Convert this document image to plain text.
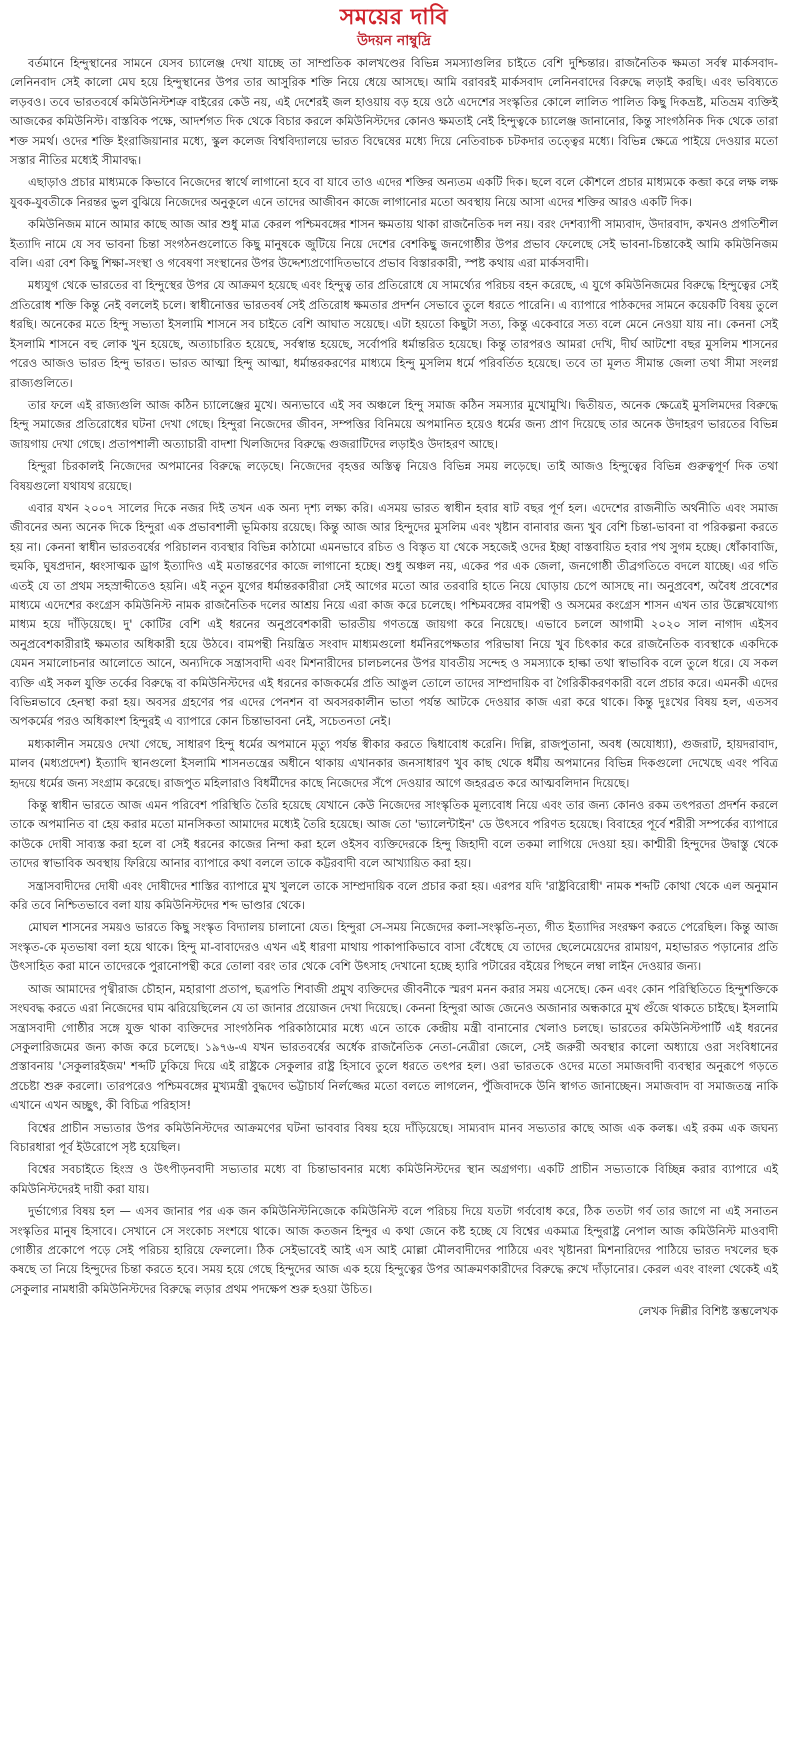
সময়ের দাবি
উদয়ন নাম্বুদ্রি

বর্তমানে হিন্দুস্থানের সামনে যেসব চ্যালেঞ্জ দেখা যাচ্ছে তা সাম্প্রতিক কালখণ্ডের বিভিন্ন সমস্যাগুলির চাইতে বেশি দুশ্চিন্তার। রাজনৈতিক ক্ষমতা সর্বস্ব মার্কসবাদ-লেনিনবাদ সেই কালো মেঘ হয়ে হিন্দুস্থানের উপর তার আসুরিক শক্তি নিয়ে ধেয়ে আসছে। আমি বরাবরই মার্কসবাদ লেনিনবাদের বিরুদ্ধে লড়াই করছি। এবং ভবিষ্যতে লড়বও। তবে ভারতবর্ষে কমিউনিস্টশত্রু বাইরের কেউ নয়, এই দেশেরই জল হাওয়ায় বড় হয়ে ওঠে এদেশের সংস্কৃতির কোলে লালিত পালিত কিছু দিকভ্রষ্ট, মতিভ্রম ব্যক্তিই আজকের কমিউনিস্ট। বাস্তবিক পক্ষে, আদর্শগত দিক থেকে বিচার করলে কমিউনিস্টদের কোনও ক্ষমতাই নেই হিন্দুত্বকে চ্যালেঞ্জ জানানোর, কিন্তু সাংগঠনিক দিক থেকে তারা শক্ত সমর্থ। ওদের শক্তি ইংরাজিয়ানার মধ্যে, স্কুল কলেজ বিশ্ববিদ্যালয়ে ভারত বিদ্বেষের মধ্যে দিয়ে নেতিবাচক চটকদার তত্ত্বের মধ্যে। বিভিন্ন ক্ষেত্রে পাইয়ে দেওয়ার মতো সস্তার নীতির মধ্যেই সীমাবদ্ধ।

এছাড়াও প্রচার মাধ্যমকে কিভাবে নিজেদের স্বার্থে লাগানো হবে বা যাবে তাও এদের শক্তির অন্যতম একটি দিক। ছলে বলে কৌশলে প্রচার মাধ্যমকে কব্জা করে লক্ষ লক্ষ যুবক-যুবতীকে নিরন্তর ভুল বুঝিয়ে নিজেদের অনুকূলে এনে তাদের আজীবন কাজে লাগানোর মতো অবস্থায় নিয়ে আসা এদের শক্তির আরও একটি দিক।

কমিউনিজম মানে আমার কাছে আজ আর শুধু মাত্র কেরল পশ্চিমবঙ্গের শাসন ক্ষমতায় থাকা রাজনৈতিক দল নয়। বরং দেশব্যাপী সাম্যবাদ, উদারবাদ, কখনও প্রগতিশীল ইত্যাদি নামে যে সব ভাবনা চিন্তা সংগঠনগুলোতে কিছু মানুষকে জুটিয়ে নিয়ে দেশের বেশকিছু জনগোষ্ঠীর উপর প্রভাব ফেলেছে সেই ভাবনা-চিন্তাকেই আমি কমিউনিজম বলি। এরা বেশ কিছু শিক্ষা-সংস্থা ও গবেষণা সংস্থানের উপর উদ্দেশ্যপ্রণোদিতভাবে প্রভাব বিস্তারকারী, স্পষ্ট কথায় এরা মার্কসবাদী।

মধ্যযুগ থেকে ভারতের বা হিন্দুস্থের উপর যে আক্রমণ হয়েছে এবং হিন্দুত্ব তার প্রতিরোধে যে সামর্থ্যের পরিচয় বহন করেছে, এ যুগে কমিউনিজমের বিরুদ্ধে হিন্দুত্বের সেই প্রতিরোধ শক্তি কিন্তু নেই বললেই চলে। স্বাধীনোত্তর ভারতবর্ষ সেই প্রতিরোধ ক্ষমতার প্রদর্শন সেভাবে তুলে ধরতে পারেনি। এ ব্যাপারে পাঠকদের সামনে কয়েকটি বিষয় তুলে ধরছি। অনেকের মতে হিন্দু সভ্যতা ইসলামি শাসনে সব চাইতে বেশি আঘাত সয়েছে। এটা হয়তো কিছুটা সত্য, কিন্তু একেবারে সত্য বলে মেনে নেওয়া যায় না। কেননা সেই ইসলামি শাসনে বহু লোক খুন হয়েছে, অত্যাচারিত হয়েছে, সর্বস্বান্ত হয়েছে, সর্বোপরি ধর্মান্তরিত হয়েছে। কিন্তু তারপরও আমরা দেখি, দীর্ঘ আটশো বছর মুসলিম শাসনের পরেও আজও ভারত হিন্দু ভারত। ভারত আত্মা হিন্দু আত্মা, ধর্মান্তরকরণের মাধ্যমে হিন্দু মুসলিম ধর্মে পরিবর্তিত হয়েছে। তবে তা মূলত সীমান্ত জেলা তথা সীমা সংলগ্ন রাজ্যগুলিতে।

তার ফলে এই রাজ্যগুলি আজ কঠিন চ্যালেঞ্জের মুখে। অন্যভাবে এই সব অঞ্চলে হিন্দু সমাজ কঠিন সমস্যার মুখোমুখি। দ্বিতীয়ত, অনেক ক্ষেত্রেই মুসলিমদের বিরুদ্ধে হিন্দু সমাজের প্রতিরোধের ঘটনা দেখা গেছে। হিন্দুরা নিজেদের জীবন, সম্পত্তির বিনিময়ে অপমানিত হয়েও ধর্মের জন্য প্রাণ দিয়েছে তার অনেক উদাহরণ ভারতের বিভিন্ন জায়গায় দেখা গেছে। প্রতাপশালী অত্যাচারী বাদশা খিলজিদের বিরুদ্ধে গুজরাটিদের লড়াইও উদাহরণ আছে।

হিন্দুরা চিরকালই নিজেদের অপমানের বিরুদ্ধে লড়েছে। নিজেদের বৃহত্তর অস্তিত্ব নিয়েও বিভিন্ন সময় লড়েছে। তাই আজও হিন্দুত্বের বিভিন্ন গুরুত্বপূর্ণ দিক তথা বিষয়গুলো যথাযথ রয়েছে।

এবার যখন ২০০৭ সালের দিকে নজর দিই তখন এক অন্য দৃশ্য লক্ষ্য করি। এসময় ভারত স্বাধীন হবার ষাট বছর পূর্ণ হল। এদেশের রাজনীতি অর্থনীতি এবং সমাজ জীবনের অন্য অনেক দিকে হিন্দুরা এক প্রভাবশালী ভূমিকায় রয়েছে। কিন্তু আজ আর হিন্দুদের মুসলিম এবং খৃষ্টান বানাবার জন্য খুব বেশি চিন্তা-ভাবনা বা পরিকল্পনা করতে হয় না। কেননা স্বাধীন ভারতবর্ষের পরিচালন ব্যবস্থার বিভিন্ন কাঠামো এমনভাবে রচিত ও বিস্তৃত যা থেকে সহজেই ওদের ইচ্ছা বাস্তবায়িত হবার পথ সুগম হচ্ছে। ধোঁকাবাজি, হুমকি, ঘুষপ্রদান, ধ্বংসাত্মক ড্রাগ ইত্যাদিও এই মতান্তরণের কাজে লাগানো হচ্ছে। শুধু অঞ্চল নয়, একের পর এক জেলা, জনগোষ্ঠী তীব্রগতিতে বদলে যাচ্ছে। এর গতি এতই যে তা প্রথম সহস্রাব্দীতেও হয়নি। এই নতুন যুগের ধর্মান্তরকারীরা সেই আগের মতো আর তরবারি হাতে নিয়ে ঘোড়ায় চেপে আসছে না। অনুপ্রবেশ, অবৈধ প্রবেশের মাধ্যমে এদেশের কংগ্রেস কমিউনিস্ট নামক রাজনৈতিক দলের আশ্রয় নিয়ে এরা কাজ করে চলেছে। পশ্চিমবঙ্গের বামপন্থী ও অসমের কংগ্রেস শাসন এখন তার উল্লেখযোগ্য মাধ্যম হয়ে দাঁড়িয়েছে। দু' কোটির বেশি এই ধরনের অনুপ্রবেশকারী ভারতীয় গণতন্ত্রে জায়গা করে নিয়েছে। এভাবে চললে আগামী ২০২০ সাল নাগাদ এইসব অনুপ্রবেশকারীরাই ক্ষমতার অধিকারী হয়ে উঠবে। বামপন্থী নিয়ন্ত্রিত সংবাদ মাধ্যমগুলো ধর্মনিরপেক্ষতার পরিভাষা নিয়ে খুব চিৎকার করে রাজনৈতিক ব্যবস্থাকে একদিকে যেমন সমালোচনার আলোতে আনে, অন্যদিকে সন্ত্রাসবাদী এবং মিশনারীদের চালচলনের উপর যাবতীয় সন্দেহ ও সমস্যাকে হাল্কা তথা স্বাভাবিক বলে তুলে ধরে। যে সকল ব্যক্তি এই সকল যুক্তি তর্কের বিরুদ্ধে বা কমিউনিস্টদের এই ধরনের কাজকর্মের প্রতি আঙুল তোলে তাদের সাম্প্রদায়িক বা গৈরিকীকরণকারী বলে প্রচার করে। এমনকী এদের বিভিন্নভাবে হেনস্থা করা হয়। অবসর গ্রহণের পর এদের পেনশন বা অবসরকালীন ভাতা পর্যন্ত আটকে দেওয়ার কাজ এরা করে থাকে। কিন্তু দুঃখের বিষয় হল, এতসব অপকর্মের পরও অধিকাংশ হিন্দুরই এ ব্যাপারে কোন চিন্তাভাবনা নেই, সচেতনতা নেই।

মধ্যকালীন সময়েও দেখা গেছে, সাধারণ হিন্দু ধর্মের অপমানে মৃত্যু পর্যন্ত স্বীকার করতে দ্বিধাবোধ করেনি। দিল্লি, রাজপুতানা, অবধ (অযোধ্যা), গুজরাট, হায়দরাবাদ, মালব (মধ্যপ্রদেশ) ইত্যাদি স্থানগুলো ইসলামি শাসনতন্ত্রের অধীনে থাকায় এখানকার জনসাধারণ খুব কাছ থেকে ধর্মীয় অপমানের বিভিন্ন দিকগুলো দেখেছে এবং পবিত্র হৃদয়ে ধর্মের জন্য সংগ্রাম করেছে। রাজপুত মহিলারাও বিধর্মীদের কাছে নিজেদের সঁপে দেওয়ার আগে জহরব্রত করে আত্মবলিদান দিয়েছে।

কিন্তু স্বাধীন ভারতে আজ এমন পরিবেশ পরিস্থিতি তৈরি হয়েছে যেখানে কেউ নিজেদের সাংস্কৃতিক মূল্যবোধ নিয়ে এবং তার জন্য কোনও রকম তৎপরতা প্রদর্শন করলে তাকে অপমানিত বা হেয় করার মতো মানসিকতা আমাদের মধ্যেই তৈরি হয়েছে। আজ তো 'ভ্যালেন্টাইন' ডে উৎসবে পরিণত হয়েছে। বিবাহের পূর্বে শরীরী সম্পর্কের ব্যাপারে কাউকে দোষী সাব্যস্ত করা হলে বা সেই ধরনের কাজের নিন্দা করা হলে ওইসব ব্যক্তিদেরকে হিন্দু জিহাদী বলে তকমা লাগিয়ে দেওয়া হয়। কাশ্মীরী হিন্দুদের উদ্বাস্তু থেকে তাদের স্বাভাবিক অবস্থায় ফিরিয়ে আনার ব্যাপারে কথা বললে তাকে কট্টরবাদী বলে আখ্যায়িত করা হয়।

সন্ত্রাসবাদীদের দোষী এবং দোষীদের শাস্তির ব্যাপারে মুখ খুললে তাকে সাম্প্রদায়িক বলে প্রচার করা হয়। এরপর যদি 'রাষ্ট্রবিরোধী' নামক শব্দটি কোথা থেকে এল অনুমান করি তবে নিশ্চিতভাবে বলা যায় কমিউনিস্টদের শব্দ ভাণ্ডার থেকে।

মোঘল শাসনের সময়ও ভারতে কিছু সংস্কৃত বিদ্যালয় চালানো যেত। হিন্দুরা সে-সময় নিজেদের কলা-সংস্কৃতি-নৃত্য, গীত ইত্যাদির সংরক্ষণ করতে পেরেছিল। কিন্তু আজ সংস্কৃত-কে মৃতভাষা বলা হয়ে থাকে। হিন্দু মা-বাবাদেরও এখন এই ধারণা মাথায় পাকাপাকিভাবে বাসা বেঁধেছে যে তাদের ছেলেমেয়েদের রামায়ণ, মহাভারত পড়ানোর প্রতি উৎসাহিত করা মানে তাদেরকে পুরানোপন্থী করে তোলা বরং তার থেকে বেশি উৎসাহ দেখানো হচ্ছে হ্যারি পটারের বইয়ের পিছনে লম্বা লাইন দেওয়ার জন্য।

আজ আমাদের পৃথ্বীরাজ চৌহান, মহারাণা প্রতাপ, ছত্রপতি শিবাজী প্রমুখ ব্যক্তিদের জীবনীকে স্মরণ মনন করার সময় এসেছে। কেন এবং কোন পরিস্থিতিতে হিন্দুশক্তিকে সংঘবদ্ধ করতে এরা নিজেদের ঘাম ঝরিয়েছিলেন যে তা জানার প্রয়োজন দেখা দিয়েছে। কেননা হিন্দুরা আজ জেনেও অজানার অন্ধকারে মুখ গুঁজে থাকতে চাইছে। ইসলামি সন্ত্রাসবাদী গোষ্ঠীর সঙ্গে যুক্ত থাকা ব্যক্তিদের সাংগঠনিক পরিকাঠামোর মধ্যে এনে তাকে কেন্দ্রীয় মন্ত্রী বানানোর খেলাও চলছে। ভারতের কমিউনিস্টপার্টি এই ধরনের সেকুলারিজমের জন্য কাজ করে চলেছে। ১৯৭৬-এ যখন ভারতবর্ষের অর্ধেক রাজনৈতিক নেতা-নেত্রীরা জেলে, সেই জরুরী অবস্থার কালো অধ্যায়ে ওরা সংবিধানের প্রস্তাবনায় 'সেকুলারইজম' শব্দটি ঢুকিয়ে দিয়ে এই রাষ্ট্রকে সেকুলার রাষ্ট্র হিসাবে তুলে ধরতে তৎপর হল। ওরা ভারতকে ওদের মতো সমাজবাদী ব্যবস্থার অনুরূপে গড়তে প্রচেষ্টা শুরু করলো। তারপরেও পশ্চিমবঙ্গের মুখ্যমন্ত্রী বুদ্ধদেব ভট্টাচার্য নির্লজ্জের মতো বলতে লাগলেন, পুঁজিবাদকে উনি স্বাগত জানাচ্ছেন। সমাজবাদ বা সমাজতন্ত্র নাকি এখানে এখন অচ্ছুৎ, কী বিচিত্র পরিহাস!

বিশ্বের প্রাচীন সভ্যতার উপর কমিউনিস্টদের আক্রমণের ঘটনা ভাববার বিষয় হয়ে দাঁড়িয়েছে। সাম্যবাদ মানব সভ্যতার কাছে আজ এক কলঙ্ক। এই রকম এক জঘন্য বিচারধারা পূর্ব ইউরোপে সৃষ্ট হয়েছিল।

বিশ্বের সবচাইতে হিংস্র ও উৎপীড়নবাদী সভ্যতার মধ্যে বা চিন্তাভাবনার মধ্যে কমিউনিস্টদের স্থান অগ্রগণ্য। একটি প্রাচীন সভ্যতাকে বিচ্ছিন্ন করার ব্যাপারে এই কমিউনিস্টদেরই দায়ী করা যায়।

দুর্ভাগ্যের বিষয় হল — এসব জানার পর এক জন কমিউনিস্টনিজেকে কমিউনিস্ট বলে পরিচয় দিয়ে যতটা গর্ববোধ করে, ঠিক ততটা গর্ব তার জাগে না এই সনাতন সংস্কৃতির মানুষ হিসাবে। সেখানে সে সংকোচ সংশয়ে থাকে। আজ কতজন হিন্দুর এ কথা জেনে কষ্ট হচ্ছে যে বিশ্বের একমাত্র হিন্দুরাষ্ট্র নেপাল আজ কমিউনিস্ট মাওবাদী গোষ্ঠীর প্রকোপে পড়ে সেই পরিচয় হারিয়ে ফেললো। ঠিক সেইভাবেই আই এস আই মোল্লা মৌলবাদীদের পাঠিয়ে এবং খৃষ্টানরা মিশনারিদের পাঠিয়ে ভারত দখলের ছক কষছে তা নিয়ে হিন্দুদের চিন্তা করতে হবে। সময় হয়ে গেছে হিন্দুদের আজ এক হয়ে হিন্দুত্বের উপর আক্রমণকারীদের বিরুদ্ধে রুখে দাঁড়ানোর। কেরল এবং বাংলা থেকেই এই সেকুলার নামধারী কমিউনিস্টদের বিরুদ্ধে লড়ার প্রথম পদক্ষেপ শুরু হওয়া উচিত।

লেখক দিল্লীর বিশিষ্ট স্তম্ভলেখক
